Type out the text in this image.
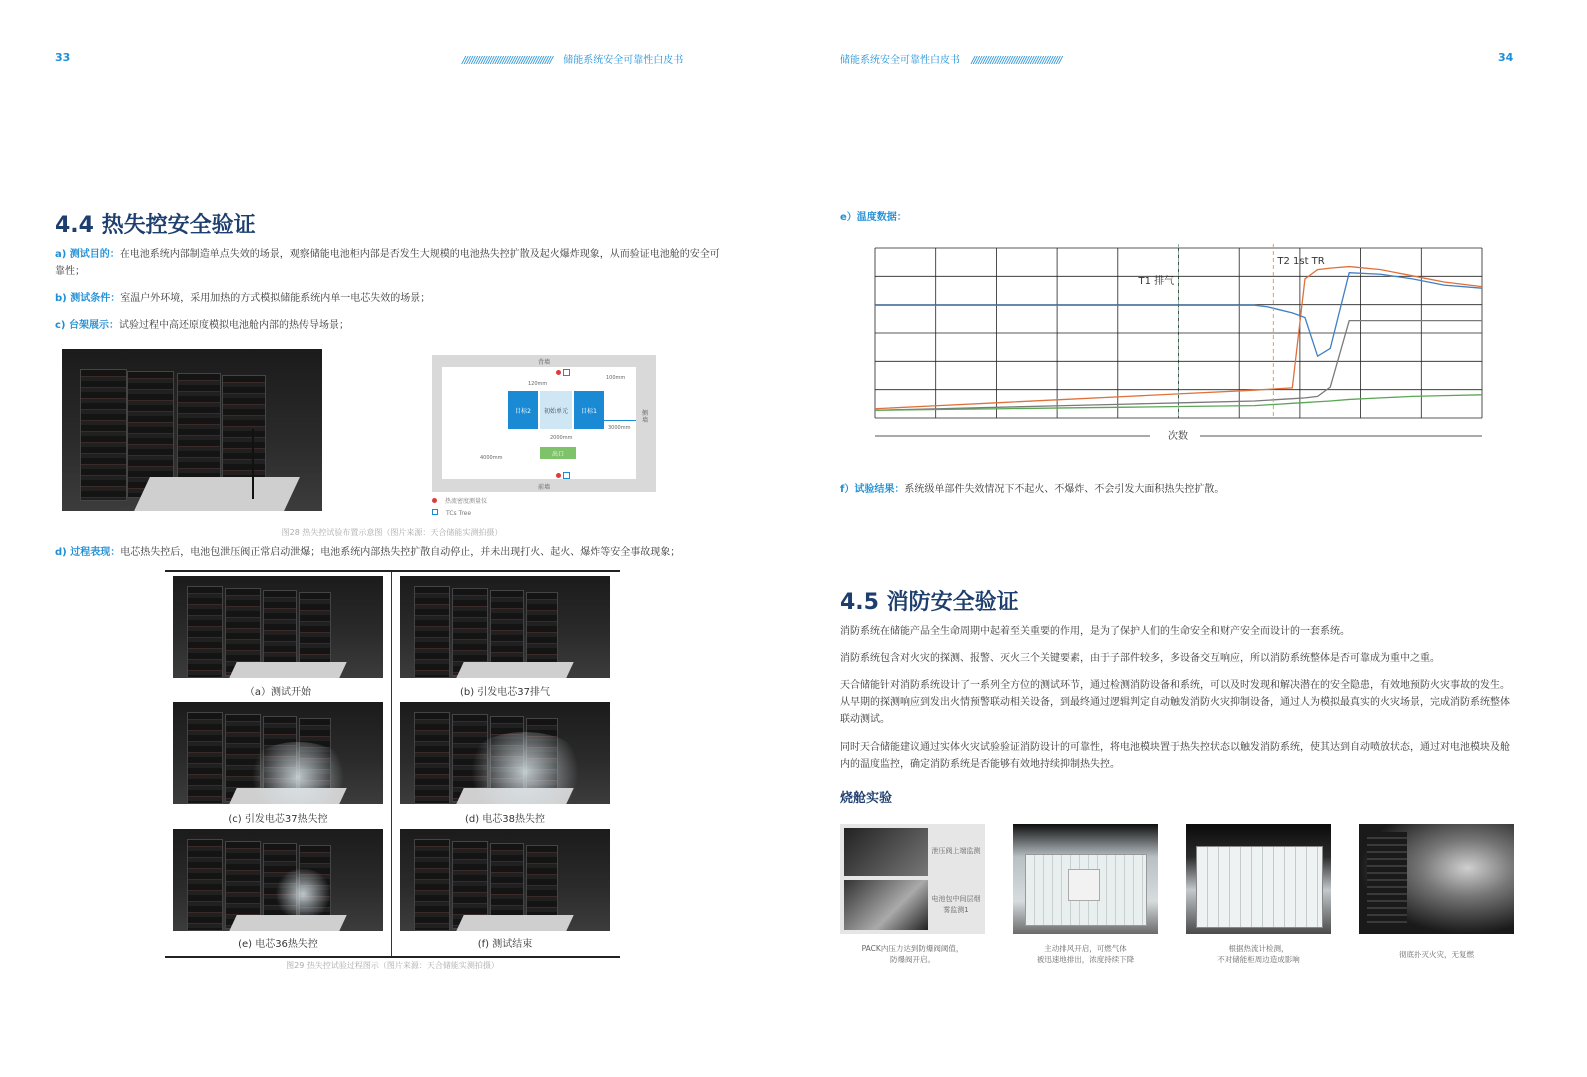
33	////////////////////////////////////// 储能系统安全可靠性白皮书
4.4 热失控安全验证
a) 测试目的：在电池系统内部制造单点失效的场景，观察储能电池柜内部是否发生大规模的电池热失控扩散及起火爆炸现象，从而验证电池舱的安全可靠性；
b) 测试条件：室温户外环境，采用加热的方式模拟储能系统内单一电芯失效的场景；
c) 台架展示：试验过程中高还原度模拟电池舱内部的热传导场景；
背墙
前墙
侧墙
目标2	初始单元	目标1
出口
120mm
100mm
2000mm
3000mm
4000mm
热流密度测量仪
TCs Tree
图28 热失控试验布置示意图（图片来源：天合储能实测拍摄）
d) 过程表现：电芯热失控后，电池包泄压阀正常启动泄爆；电池系统内部热失控扩散自动停止，并未出现打火、起火、爆炸等安全事故现象；
（a）测试开始	(b) 引发电芯37排气
(c) 引发电芯37热失控	(d) 电芯38热失控
(e) 电芯36热失控	(f) 测试结束
图29 热失控试验过程图示（图片来源：天合储能实测拍摄）
储能系统安全可靠性白皮书 //////////////////////////////////////	34
e）温度数据：
T1 排气
T2 1st TR
次数
f）试验结果：系统级单部件失效情况下不起火、不爆炸、不会引发大面积热失控扩散。
4.5 消防安全验证
消防系统在储能产品全生命周期中起着至关重要的作用，是为了保护人们的生命安全和财产安全而设计的一套系统。
消防系统包含对火灾的探测、报警、灭火三个关键要素，由于子部件较多，多设备交互响应，所以消防系统整体是否可靠成为重中之重。
天合储能针对消防系统设计了一系列全方位的测试环节，通过检测消防设备和系统，可以及时发现和解决潜在的安全隐患，有效地预防火灾事故的发生。从早期的探测响应到发出火情预警联动相关设备，到最终通过逻辑判定自动触发消防火灾抑制设备，通过人为模拟最真实的火灾场景，完成消防系统整体联动测试。
同时天合储能建议通过实体火灾试验验证消防设计的可靠性，将电池模块置于热失控状态以触发消防系统，使其达到自动喷放状态，通过对电池模块及舱内的温度监控，确定消防系统是否能够有效地持续抑制热失控。
烧舱实验
泄压阀上端监测
电池包中间层烟雾监测1
PACK内压力达到防爆阀阈值，
防爆阀开启。
主动排风开启，可燃气体
被迅速地排出，浓度持续下降
根据热流计检测，
不对储能柜周边造成影响
彻底扑灭火灾，无复燃
